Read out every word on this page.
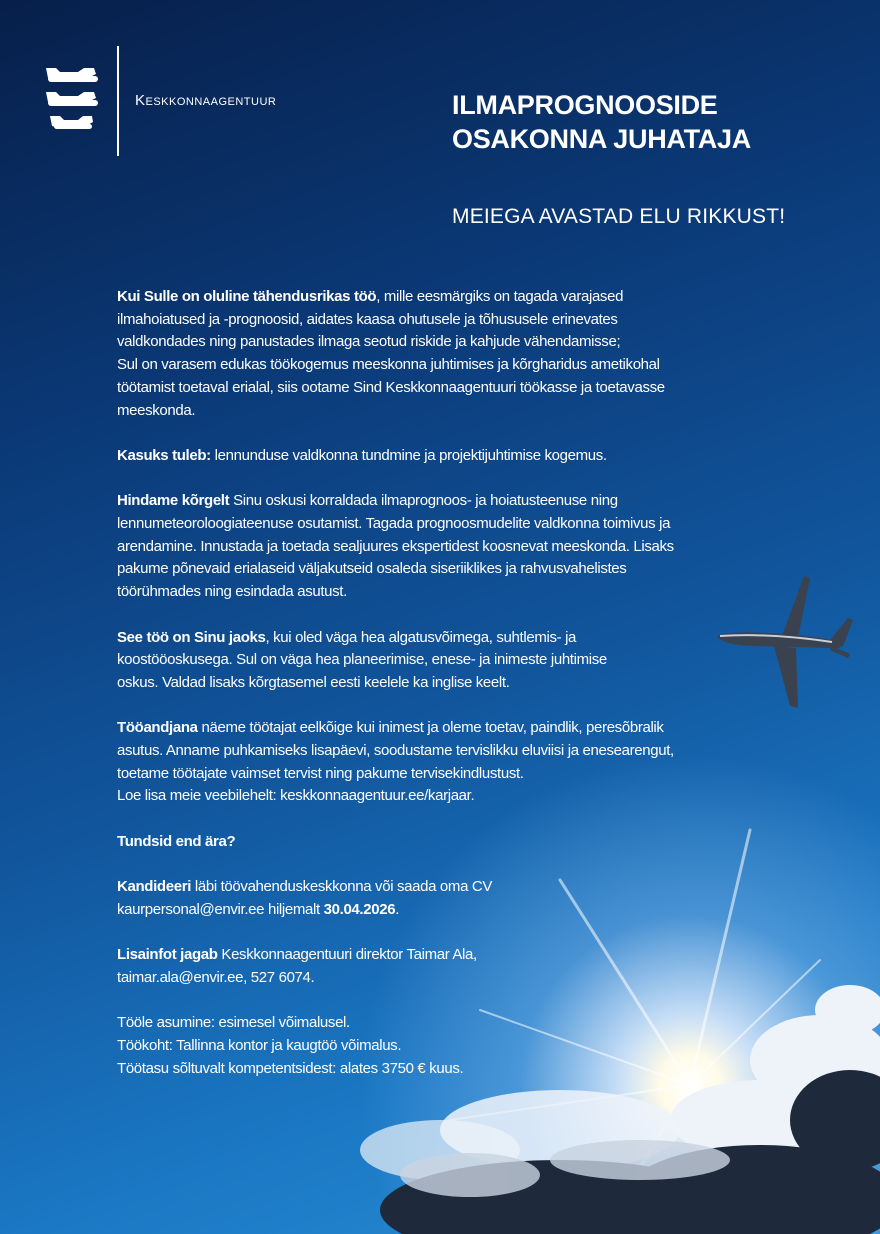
Keskkonnaagentuur	ILMAPROGNOOSIDE
OSAKONNA JUHATAJA
MEIEGA AVASTAD ELU RIKKUST!

Kui Sulle on oluline tähendusrikas töö, mille eesmärgiks on tagada varajased
ilmahoiatused ja -prognoosid, aidates kaasa ohutusele ja tõhususele erinevates
valdkondades ning panustades ilmaga seotud riskide ja kahjude vähendamisse;
Sul on varasem edukas töökogemus meeskonna juhtimises ja kõrgharidus ametikohal
töötamist toetaval erialal, siis ootame Sind Keskkonnaagentuuri töökasse ja toetavasse
meeskonda.

Kasuks tuleb: lennunduse valdkonna tundmine ja projektijuhtimise kogemus.

Hindame kõrgelt Sinu oskusi korraldada ilmaprognoos- ja hoiatusteenuse ning
lennumeteoroloogiateenuse osutamist. Tagada prognoosmudelite valdkonna toimivus ja
arendamine. Innustada ja toetada sealjuures ekspertidest koosnevat meeskonda. Lisaks
pakume põnevaid erialaseid väljakutseid osaleda siseriiklikes ja rahvusvahelistes
töörühmades ning esindada asutust.

See töö on Sinu jaoks, kui oled väga hea algatusvõimega, suhtlemis- ja
koostööoskusega. Sul on väga hea planeerimise, enese- ja inimeste juhtimise
oskus. Valdad lisaks kõrgtasemel eesti keelele ka inglise keelt.

Tööandjana näeme töötajat eelkõige kui inimest ja oleme toetav, paindlik, peresõbralik
asutus. Anname puhkamiseks lisapäevi, soodustame tervislikku eluviisi ja enesearengut,
toetame töötajate vaimset tervist ning pakume tervisekindlustust.
Loe lisa meie veebilehelt: keskkonnaagentuur.ee/karjaar.

Tundsid end ära?

Kandideeri läbi töövahenduskeskkonna või saada oma CV
kaurpersonal@envir.ee hiljemalt 30.04.2026.

Lisainfot jagab Keskkonnaagentuuri direktor Taimar Ala,
taimar.ala@envir.ee, 527 6074.

Tööle asumine: esimesel võimalusel.
Töökoht: Tallinna kontor ja kaugtöö võimalus.
Töötasu sõltuvalt kompetentsidest: alates 3750 € kuus.
